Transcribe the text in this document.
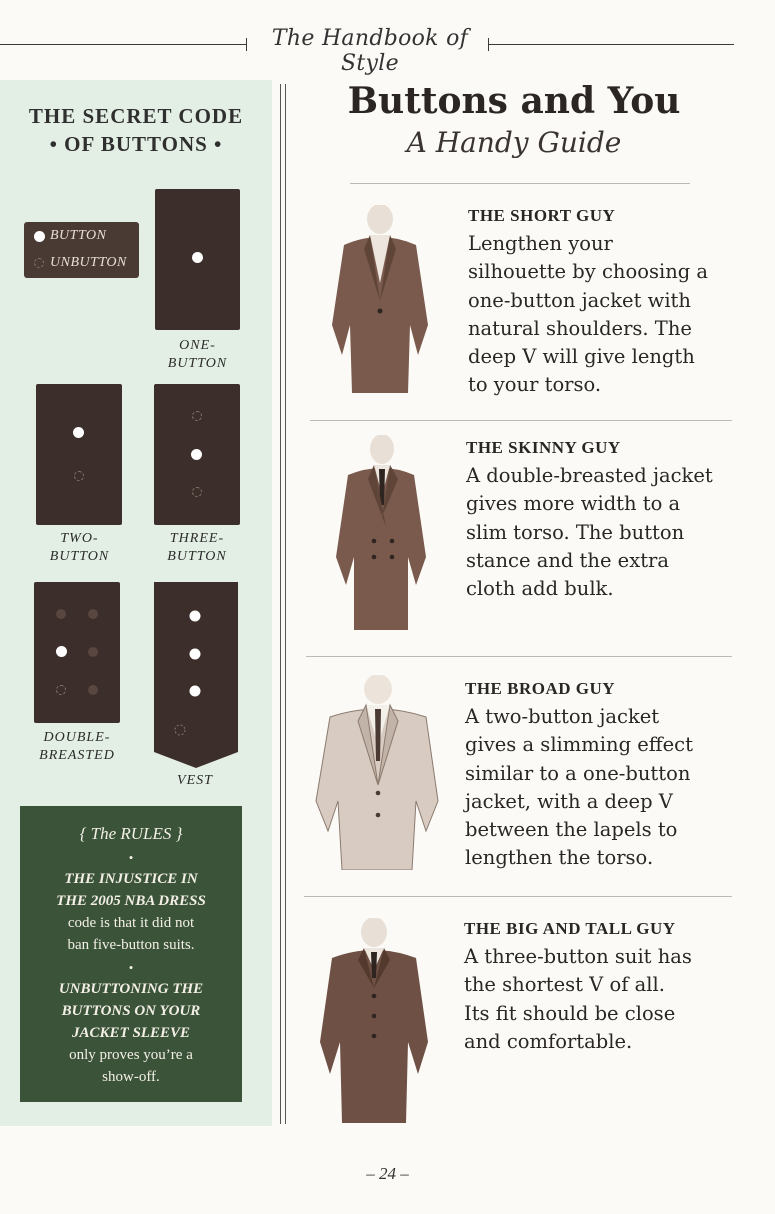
The Handbook of Style
THE SECRET CODE
• OF BUTTONS •
BUTTON
UNBUTTON
ONE-
BUTTON
TWO-
BUTTON
THREE-
BUTTON
DOUBLE-
BREASTED
VEST
{ The RULES }
•
THE INJUSTICE IN
THE 2005 NBA DRESS
code is that it did not
ban five-button suits.
•
UNBUTTONING THE
BUTTONS ON YOUR
JACKET SLEEVE
only proves you’re a
show-off.
Buttons and You
A Handy Guide
THE SHORT GUY
Lengthen your
silhouette by choosing a
one-button jacket with
natural shoulders. The
deep V will give length
to your torso.
THE SKINNY GUY
A double-breasted jacket
gives more width to a
slim torso. The button
stance and the extra
cloth add bulk.
THE BROAD GUY
A two-button jacket
gives a slimming effect
similar to a one-button
jacket, with a deep V
between the lapels to
lengthen the torso.
THE BIG AND TALL GUY
A three-button suit has
the shortest V of all.
Its fit should be close
and comfortable.
– 24 –
